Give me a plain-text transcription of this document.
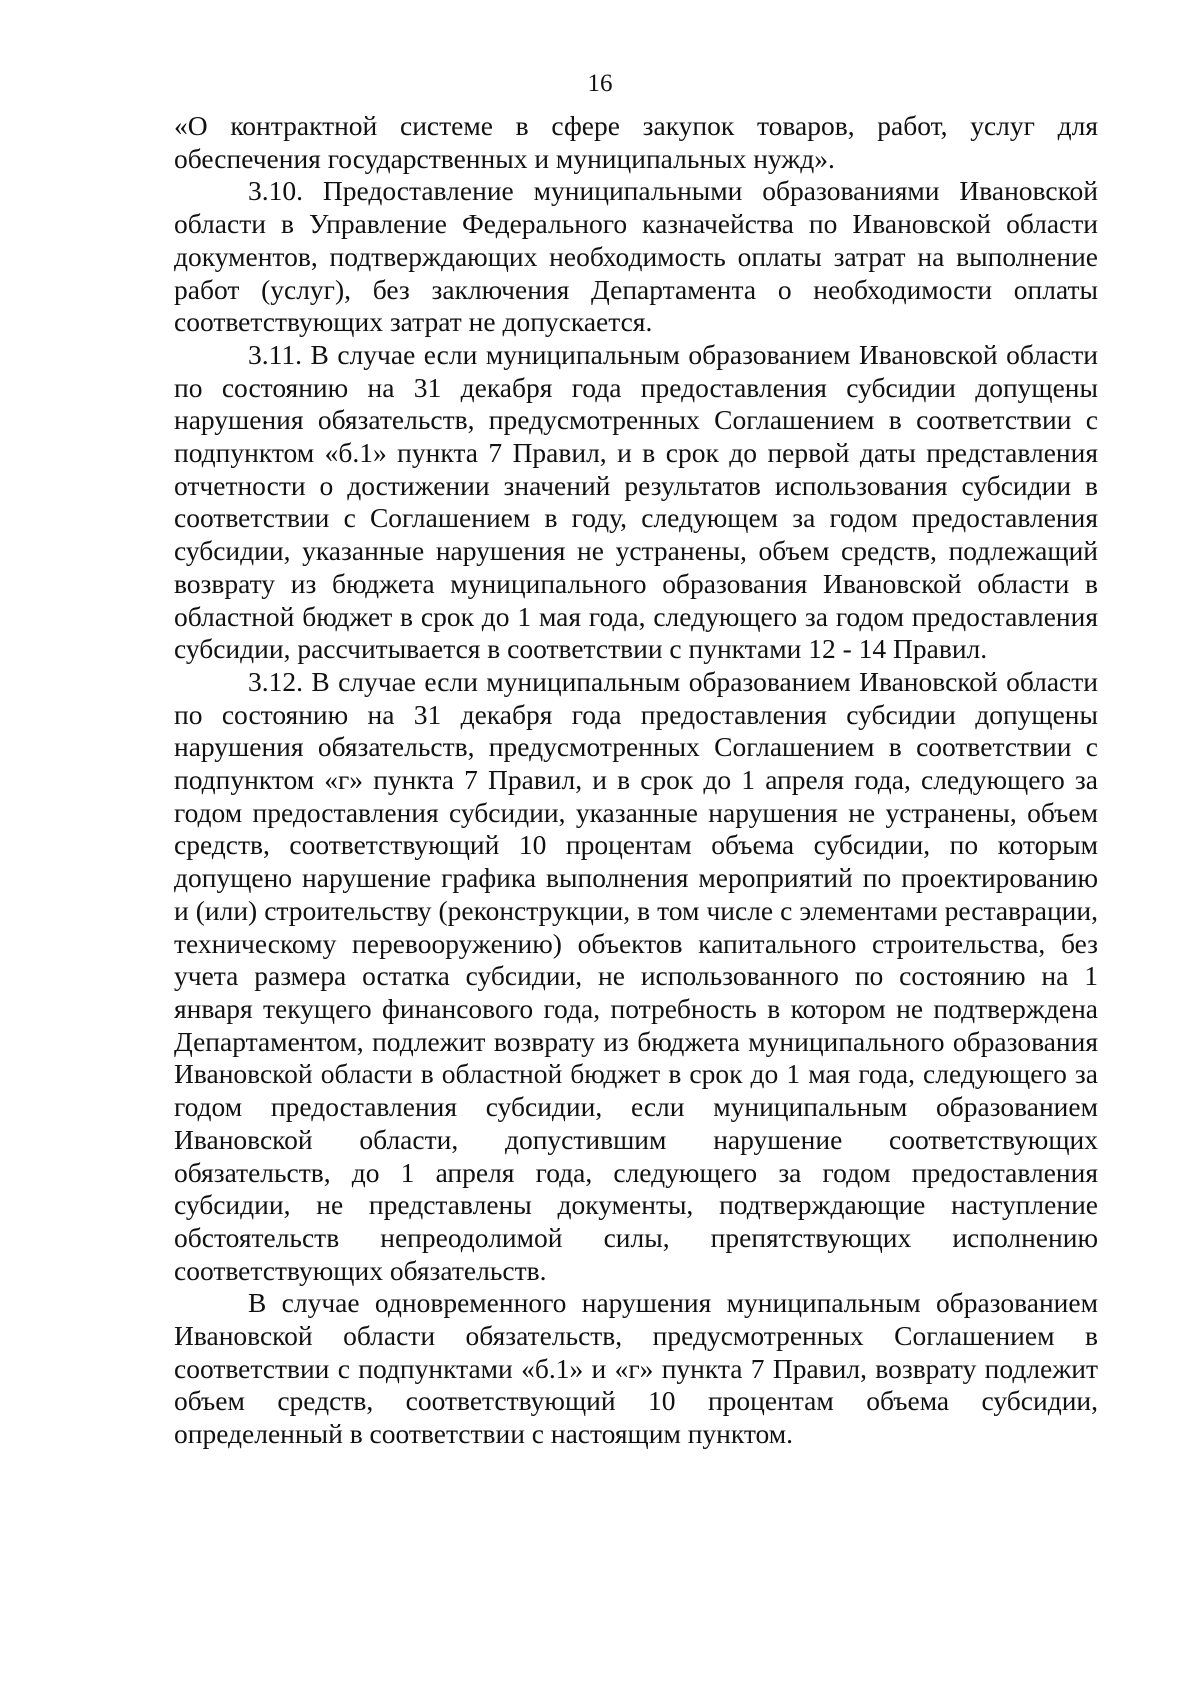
16

«О контрактной системе в сфере закупок товаров, работ, услуг для обеспечения государственных и муниципальных нужд».

3.10. Предоставление муниципальными образованиями Ивановской области в Управление Федерального казначейства по Ивановской области документов, подтверждающих необходимость оплаты затрат на выполнение работ (услуг), без заключения Департамента о необходимости оплаты соответствующих затрат не допускается.

3.11. В случае если муниципальным образованием Ивановской области по состоянию на 31 декабря года предоставления субсидии допущены нарушения обязательств, предусмотренных Соглашением в соответствии с подпунктом «б.1» пункта 7 Правил, и в срок до первой даты представления отчетности о достижении значений результатов использования субсидии в соответствии с Соглашением в году, следующем за годом предоставления субсидии, указанные нарушения не устранены, объем средств, подлежащий возврату из бюджета муниципального образования Ивановской области в областной бюджет в срок до 1 мая года, следующего за годом предоставления субсидии, рассчитывается в соответствии с пунктами 12 - 14 Правил.

3.12. В случае если муниципальным образованием Ивановской области по состоянию на 31 декабря года предоставления субсидии допущены нарушения обязательств, предусмотренных Соглашением в соответствии с подпунктом «г» пункта 7 Правил, и в срок до 1 апреля года, следующего за годом предоставления субсидии, указанные нарушения не устранены, объем средств, соответствующий 10 процентам объема субсидии, по которым допущено нарушение графика выполнения мероприятий по проектированию и (или) строительству (реконструкции, в том числе с элементами реставрации, техническому перевооружению) объектов капитального строительства, без учета размера остатка субсидии, не использованного по состоянию на 1 января текущего финансового года, потребность в котором не подтверждена Департаментом, подлежит возврату из бюджета муниципального образования Ивановской области в областной бюджет в срок до 1 мая года, следующего за годом предоставления субсидии, если муниципальным образованием Ивановской области, допустившим нарушение соответствующих обязательств, до 1 апреля года, следующего за годом предоставления субсидии, не представлены документы, подтверждающие наступление обстоятельств непреодолимой силы, препятствующих исполнению соответствующих обязательств.

В случае одновременного нарушения муниципальным образованием Ивановской области обязательств, предусмотренных Соглашением в соответствии с подпунктами «б.1» и «г» пункта 7 Правил, возврату подлежит объем средств, соответствующий 10 процентам объема субсидии, определенный в соответствии с настоящим пунктом.
